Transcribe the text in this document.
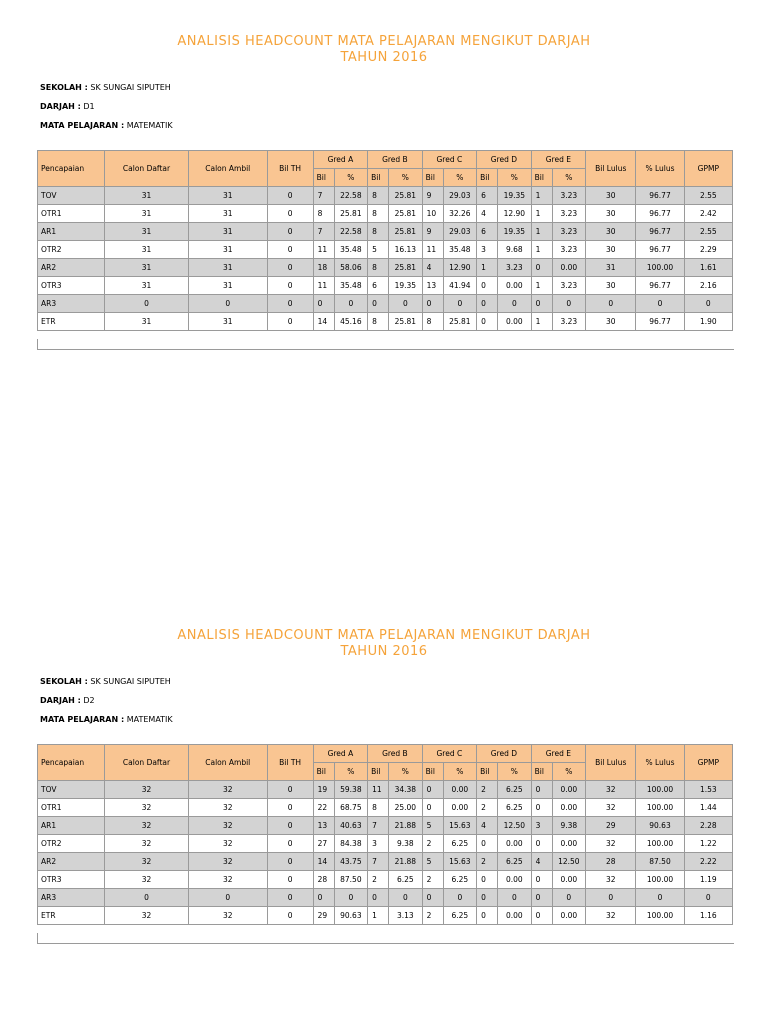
ANALISIS HEADCOUNT MATA PELAJARAN MENGIKUT DARJAH
TAHUN 2016
SEKOLAH : SK SUNGAI SIPUTEH
DARJAH : D1
MATA PELAJARAN : MATEMATIK
Pencapaian	Calon Daftar	Calon Ambil	Bil TH	Gred A		Gred B		Gred C		Gred D		Gred E		Bil Lulus	% Lulus	GPMP
				Bil	%	Bil	%	Bil	%	Bil	%	Bil	%			
TOV	31	31	0	7	22.58	8	25.81	9	29.03	6	19.35	1	3.23	30	96.77	2.55
OTR1	31	31	0	8	25.81	8	25.81	10	32.26	4	12.90	1	3.23	30	96.77	2.42
AR1	31	31	0	7	22.58	8	25.81	9	29.03	6	19.35	1	3.23	30	96.77	2.55
OTR2	31	31	0	11	35.48	5	16.13	11	35.48	3	9.68	1	3.23	30	96.77	2.29
AR2	31	31	0	18	58.06	8	25.81	4	12.90	1	3.23	0	0.00	31	100.00	1.61
OTR3	31	31	0	11	35.48	6	19.35	13	41.94	0	0.00	1	3.23	30	96.77	2.16
AR3	0	0	0	0	0	0	0	0	0	0	0	0	0	0	0	0
ETR	31	31	0	14	45.16	8	25.81	8	25.81	0	0.00	1	3.23	30	96.77	1.90
ANALISIS HEADCOUNT MATA PELAJARAN MENGIKUT DARJAH
TAHUN 2016
SEKOLAH : SK SUNGAI SIPUTEH
DARJAH : D2
MATA PELAJARAN : MATEMATIK
Pencapaian	Calon Daftar	Calon Ambil	Bil TH	Gred A		Gred B		Gred C		Gred D		Gred E		Bil Lulus	% Lulus	GPMP
				Bil	%	Bil	%	Bil	%	Bil	%	Bil	%			
TOV	32	32	0	19	59.38	11	34.38	0	0.00	2	6.25	0	0.00	32	100.00	1.53
OTR1	32	32	0	22	68.75	8	25.00	0	0.00	2	6.25	0	0.00	32	100.00	1.44
AR1	32	32	0	13	40.63	7	21.88	5	15.63	4	12.50	3	9.38	29	90.63	2.28
OTR2	32	32	0	27	84.38	3	9.38	2	6.25	0	0.00	0	0.00	32	100.00	1.22
AR2	32	32	0	14	43.75	7	21.88	5	15.63	2	6.25	4	12.50	28	87.50	2.22
OTR3	32	32	0	28	87.50	2	6.25	2	6.25	0	0.00	0	0.00	32	100.00	1.19
AR3	0	0	0	0	0	0	0	0	0	0	0	0	0	0	0	0
ETR	32	32	0	29	90.63	1	3.13	2	6.25	0	0.00	0	0.00	32	100.00	1.16
